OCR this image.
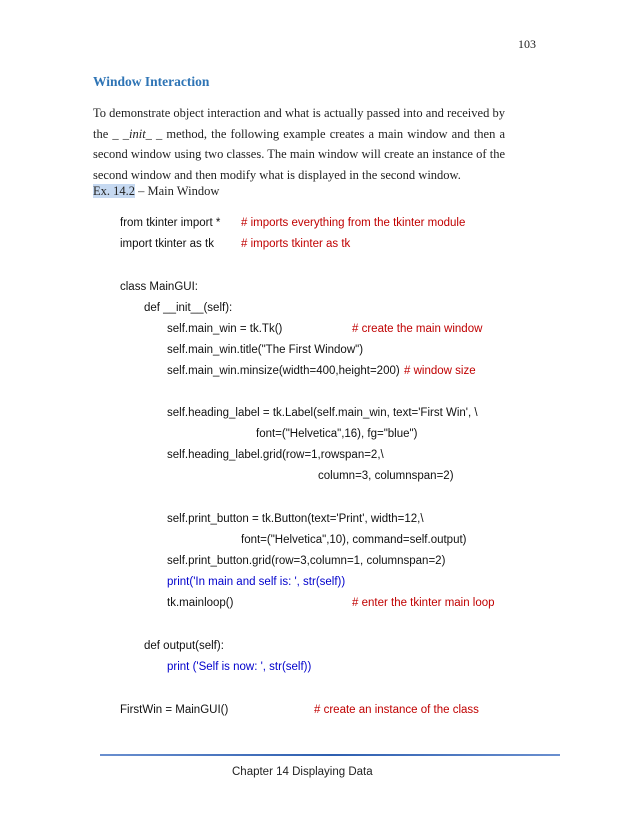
103
Window Interaction
To demonstrate object interaction and what is actually passed into and received by the _ _init_ _ method, the following example creates a main window and then a second window using two classes. The main window will create an instance of the second window and then modify what is displayed in the second window.
Ex. 14.2 – Main Window
from tkinter import * # imports everything from the tkinter module
import tkinter as tk # imports tkinter as tk
class MainGUI:
def __init__(self):
self.main_win = tk.Tk()	# create the main window
self.main_win.title("The First Window")
self.main_win.minsize(width=400,height=200) # window size
self.heading_label = tk.Label(self.main_win, text='First Win', \
font=("Helvetica",16), fg="blue")
self.heading_label.grid(row=1,rowspan=2,\
column=3, columnspan=2)
self.print_button = tk.Button(text='Print', width=12,\
font=("Helvetica",10), command=self.output)
self.print_button.grid(row=3,column=1, columnspan=2)
print('In main and self is: ', str(self))
tk.mainloop()	# enter the tkinter main loop
def output(self):
print ('Self is now: ', str(self))
FirstWin = MainGUI()	# create an instance of the class
Chapter 14 Displaying Data
